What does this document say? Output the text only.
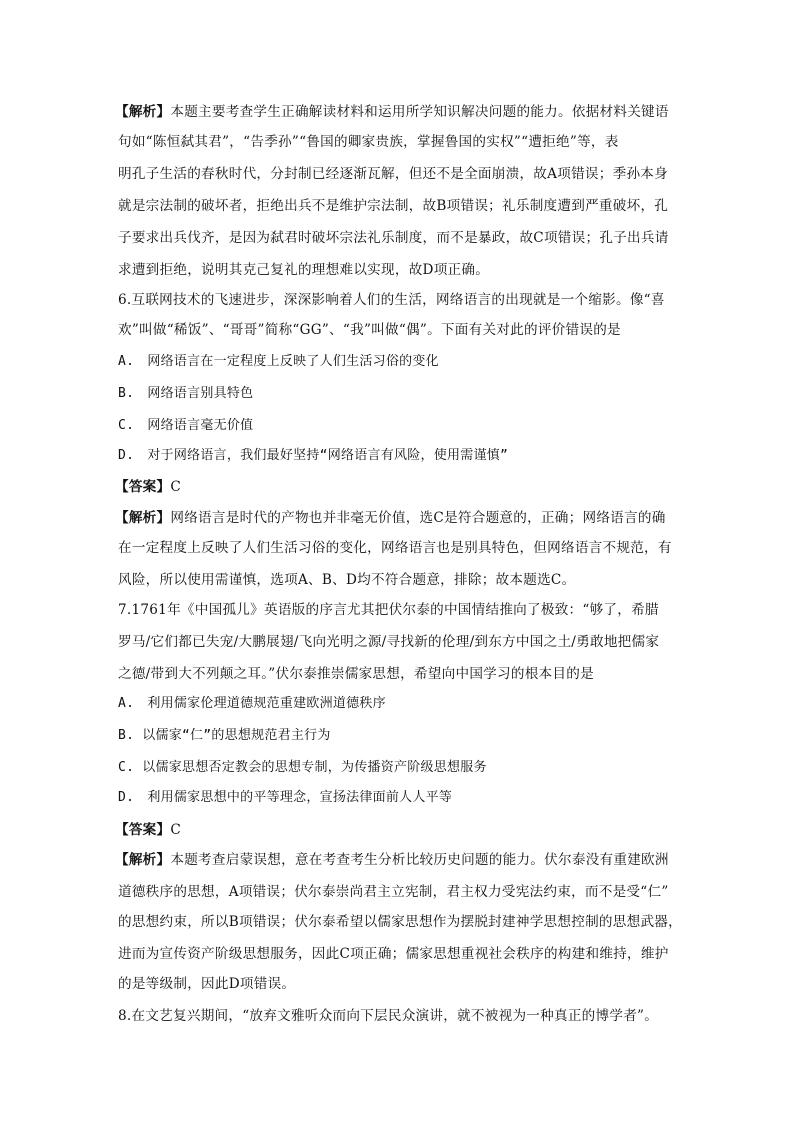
【解析】本题主要考查学生正确解读材料和运用所学知识解决问题的能力。依据材料关键语
句如“陈恒弑其君”，“告季孙”“鲁国的卿家贵族，掌握鲁国的实权”“遭拒绝”等，表
明孔子生活的春秋时代，分封制已经逐渐瓦解，但还不是全面崩溃，故A项错误；季孙本身
就是宗法制的破坏者，拒绝出兵不是维护宗法制，故B项错误；礼乐制度遭到严重破坏，孔
子要求出兵伐齐，是因为弑君时破坏宗法礼乐制度，而不是暴政，故C项错误；孔子出兵请
求遭到拒绝，说明其克己复礼的理想难以实现，故D项正确。
6.互联网技术的飞速进步，深深影响着人们的生活，网络语言的出现就是一个缩影。像“喜
欢”叫做“稀饭”、“哥哥”简称“GG”、“我”叫做“偶”。下面有关对此的评价错误的是
A.　网络语言在一定程度上反映了人们生活习俗的变化
B.　网络语言别具特色
C.　网络语言毫无价值
D.　对于网络语言，我们最好坚持“网络语言有风险，使用需谨慎”
【答案】C
【解析】网络语言是时代的产物也并非毫无价值，选C是符合题意的，正确；网络语言的确
在一定程度上反映了人们生活习俗的变化，网络语言也是别具特色，但网络语言不规范，有
风险，所以使用需谨慎，选项A、B、D均不符合题意，排除；故本题选C。
7.1761年《中国孤儿》英语版的序言尤其把伏尔泰的中国情结推向了极致：“够了，希腊
罗马/它们都已失宠/大鹏展翅/飞向光明之源/寻找新的伦理/到东方中国之土/勇敢地把儒家
之德/带到大不列颠之耳。”伏尔泰推崇儒家思想，希望向中国学习的根本目的是
A.　利用儒家伦理道德规范重建欧洲道德秩序
B. 以儒家“仁”的思想规范君主行为
C. 以儒家思想否定教会的思想专制，为传播资产阶级思想服务
D.　利用儒家思想中的平等理念，宣扬法律面前人人平等
【答案】C
【解析】本题考查启蒙误想，意在考查考生分析比较历史问题的能力。伏尔泰没有重建欧洲
道德秩序的思想，A项错误；伏尔泰崇尚君主立宪制，君主权力受宪法约束，而不是受“仁”
的思想约束，所以B项错误；伏尔泰希望以儒家思想作为摆脱封建神学思想控制的思想武器，
进而为宣传资产阶级思想服务，因此C项正确；儒家思想重视社会秩序的构建和维持，维护
的是等级制，因此D项错误。
8.在文艺复兴期间，“放弃文雅听众而向下层民众演讲，就不被视为一种真正的博学者”。
